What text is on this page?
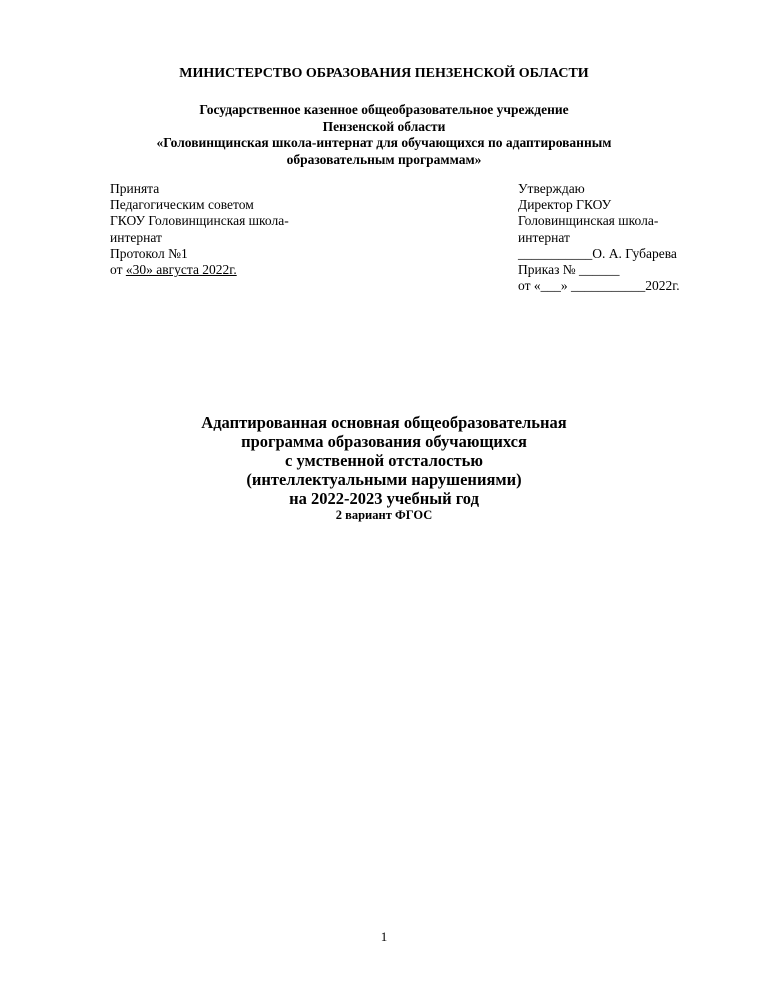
МИНИСТЕРСТВО ОБРАЗОВАНИЯ ПЕНЗЕНСКОЙ ОБЛАСТИ
Государственное казенное общеобразовательное учреждение
Пензенской области
«Головинщинская школа-интернат для обучающихся по адаптированным
образовательным программам»
Принята
Педагогическим советом
ГКОУ Головинщинская школа-
интернат
Протокол №1
от «30» августа 2022г.
Утверждаю
Директор ГКОУ
Головинщинская школа-
интернат
___________О. А. Губарева
Приказ № ______
от «___» ___________2022г.
Адаптированная основная общеобразовательная
программа образования обучающихся
с умственной отсталостью
(интеллектуальными нарушениями)
на 2022-2023 учебный год
2 вариант ФГОС
1
